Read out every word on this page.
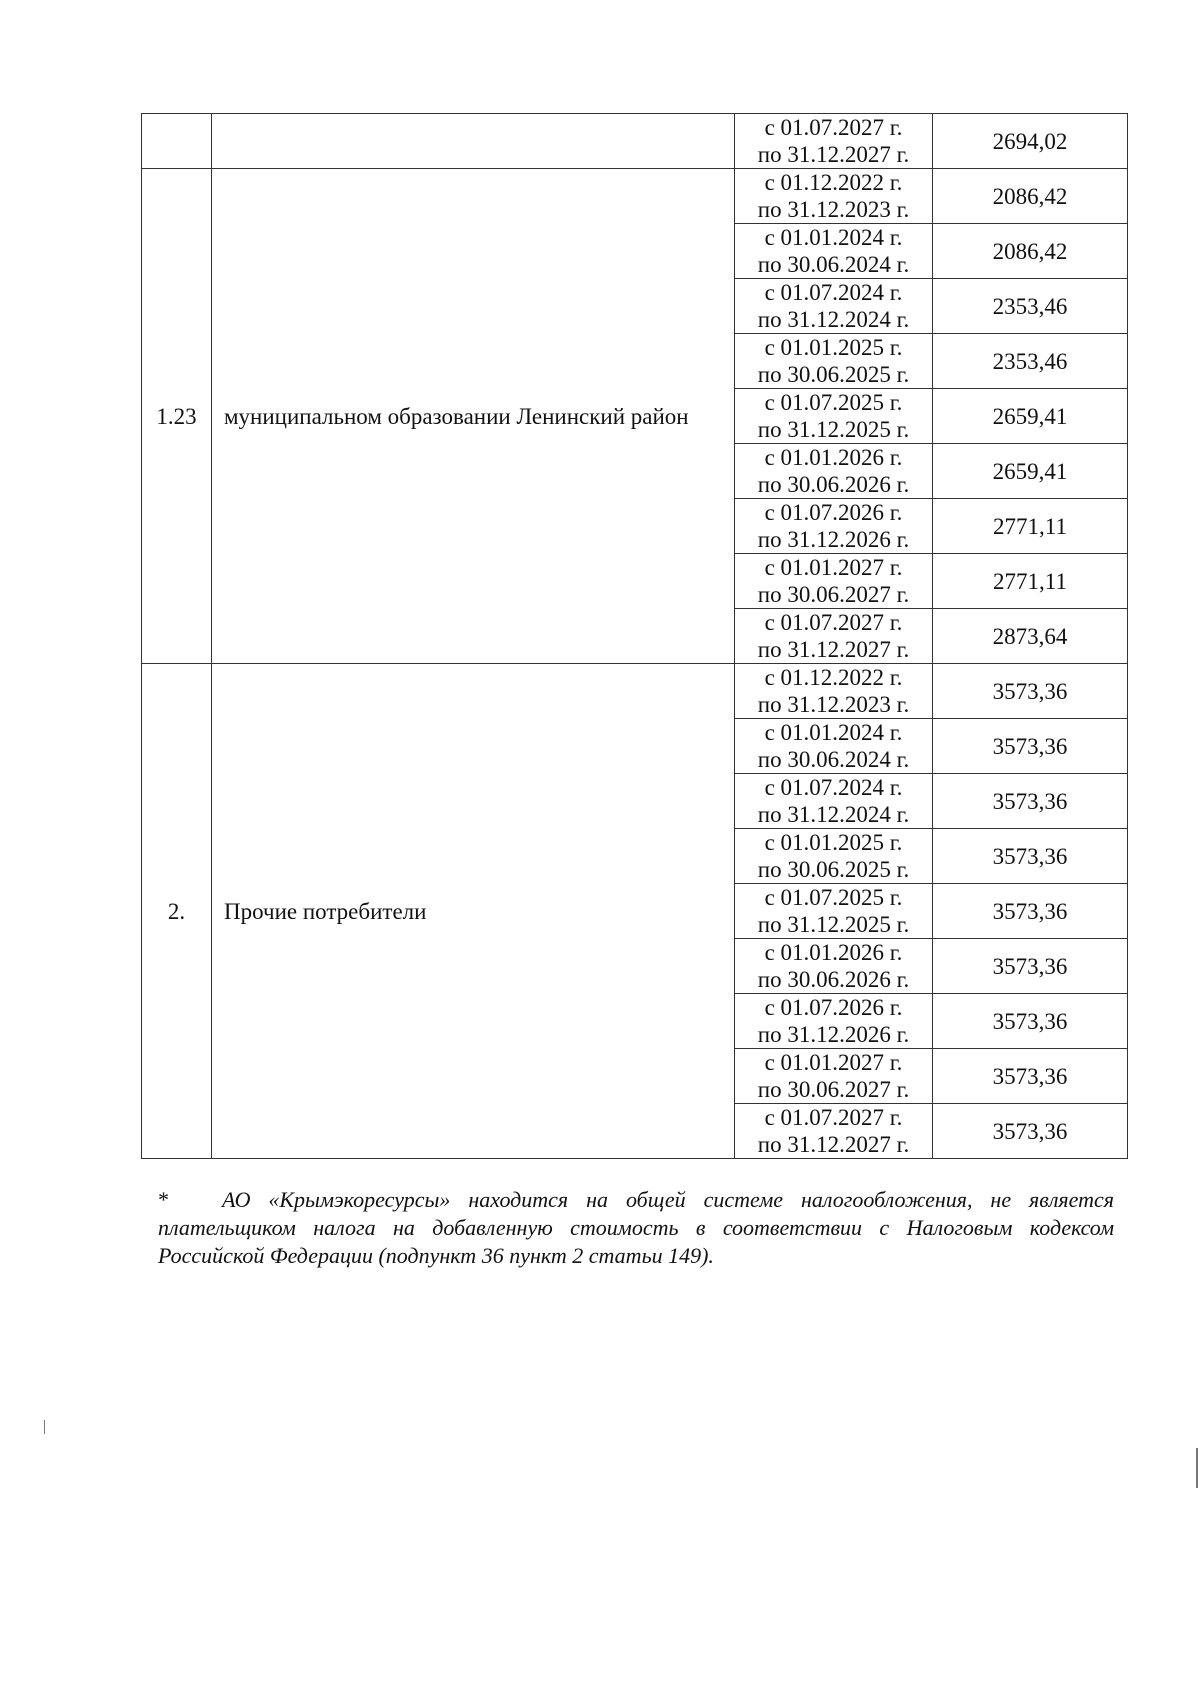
		с 01.07.2027 г.
по 31.12.2027 г.	2694,02
1.23	муниципальном образовании Ленинский район	с 01.12.2022 г.
по 31.12.2023 г.	2086,42

		с 01.01.2024 г.
по 30.06.2024 г.	2086,42

		с 01.07.2024 г.
по 31.12.2024 г.	2353,46

		с 01.01.2025 г.
по 30.06.2025 г.	2353,46

		с 01.07.2025 г.
по 31.12.2025 г.	2659,41

		с 01.01.2026 г.
по 30.06.2026 г.	2659,41

		с 01.07.2026 г.
по 31.12.2026 г.	2771,11

		с 01.01.2027 г.
по 30.06.2027 г.	2771,11

		с 01.07.2027 г.
по 31.12.2027 г.	2873,64
2.	Прочие потребители	с 01.12.2022 г.
по 31.12.2023 г.	3573,36

		с 01.01.2024 г.
по 30.06.2024 г.	3573,36

		с 01.07.2024 г.
по 31.12.2024 г.	3573,36

		с 01.01.2025 г.
по 30.06.2025 г.	3573,36

		с 01.07.2025 г.
по 31.12.2025 г.	3573,36

		с 01.01.2026 г.
по 30.06.2026 г.	3573,36

		с 01.07.2026 г.
по 31.12.2026 г.	3573,36

		с 01.01.2027 г.
по 30.06.2027 г.	3573,36

		с 01.07.2027 г.
по 31.12.2027 г.	3573,36
* АО «Крымэкоресурсы» находится на общей системе налогообложения, не является плательщиком налога на добавленную стоимость в соответствии с Налоговым кодексом Российской Федерации (подпункт 36 пункт 2 статьи 149).
